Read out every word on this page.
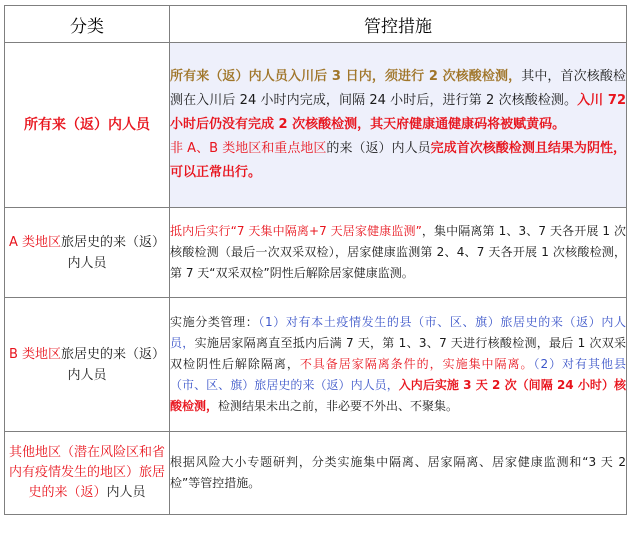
分类	管控措施
所有来（返）内人员	所有来（返）内人员入川后 3 日内，须进行 2 次核酸检测，其中，首次核酸检测在入川后 24 小时内完成，间隔 24 小时后，进行第 2 次核酸检测。入川 72 小时后仍没有完成 2 次核酸检测，其天府健康通健康码将被赋黄码。
非 A、B 类地区和重点地区的来（返）内人员完成首次核酸检测且结果为阴性，可以正常出行。

A 类地区旅居史的来（返）内人员	抵内后实行“7 天集中隔离+7 天居家健康监测”，集中隔离第 1、3、7 天各开展 1 次核酸检测（最后一次双采双检），居家健康监测第 2、4、7 天各开展 1 次核酸检测，第 7 天“双采双检”阴性后解除居家健康监测。
B 类地区旅居史的来（返）内人员	实施分类管理：（1）对有本土疫情发生的县（市、区、旗）旅居史的来（返）内人员，实施居家隔离直至抵内后满 7 天，第 1、3、7 天进行核酸检测，最后 1 次双采双检阴性后解除隔离，不具备居家隔离条件的，实施集中隔离。（2）对有其他县（市、区、旗）旅居史的来（返）内人员，入内后实施 3 天 2 次（间隔 24 小时）核酸检测，检测结果未出之前，非必要不外出、不聚集。
其他地区（潜在风险区和省内有疫情发生的地区）旅居史的来（返）内人员	根据风险大小专题研判，分类实施集中隔离、居家隔离、居家健康监测和“3 天 2 检”等管控措施。
